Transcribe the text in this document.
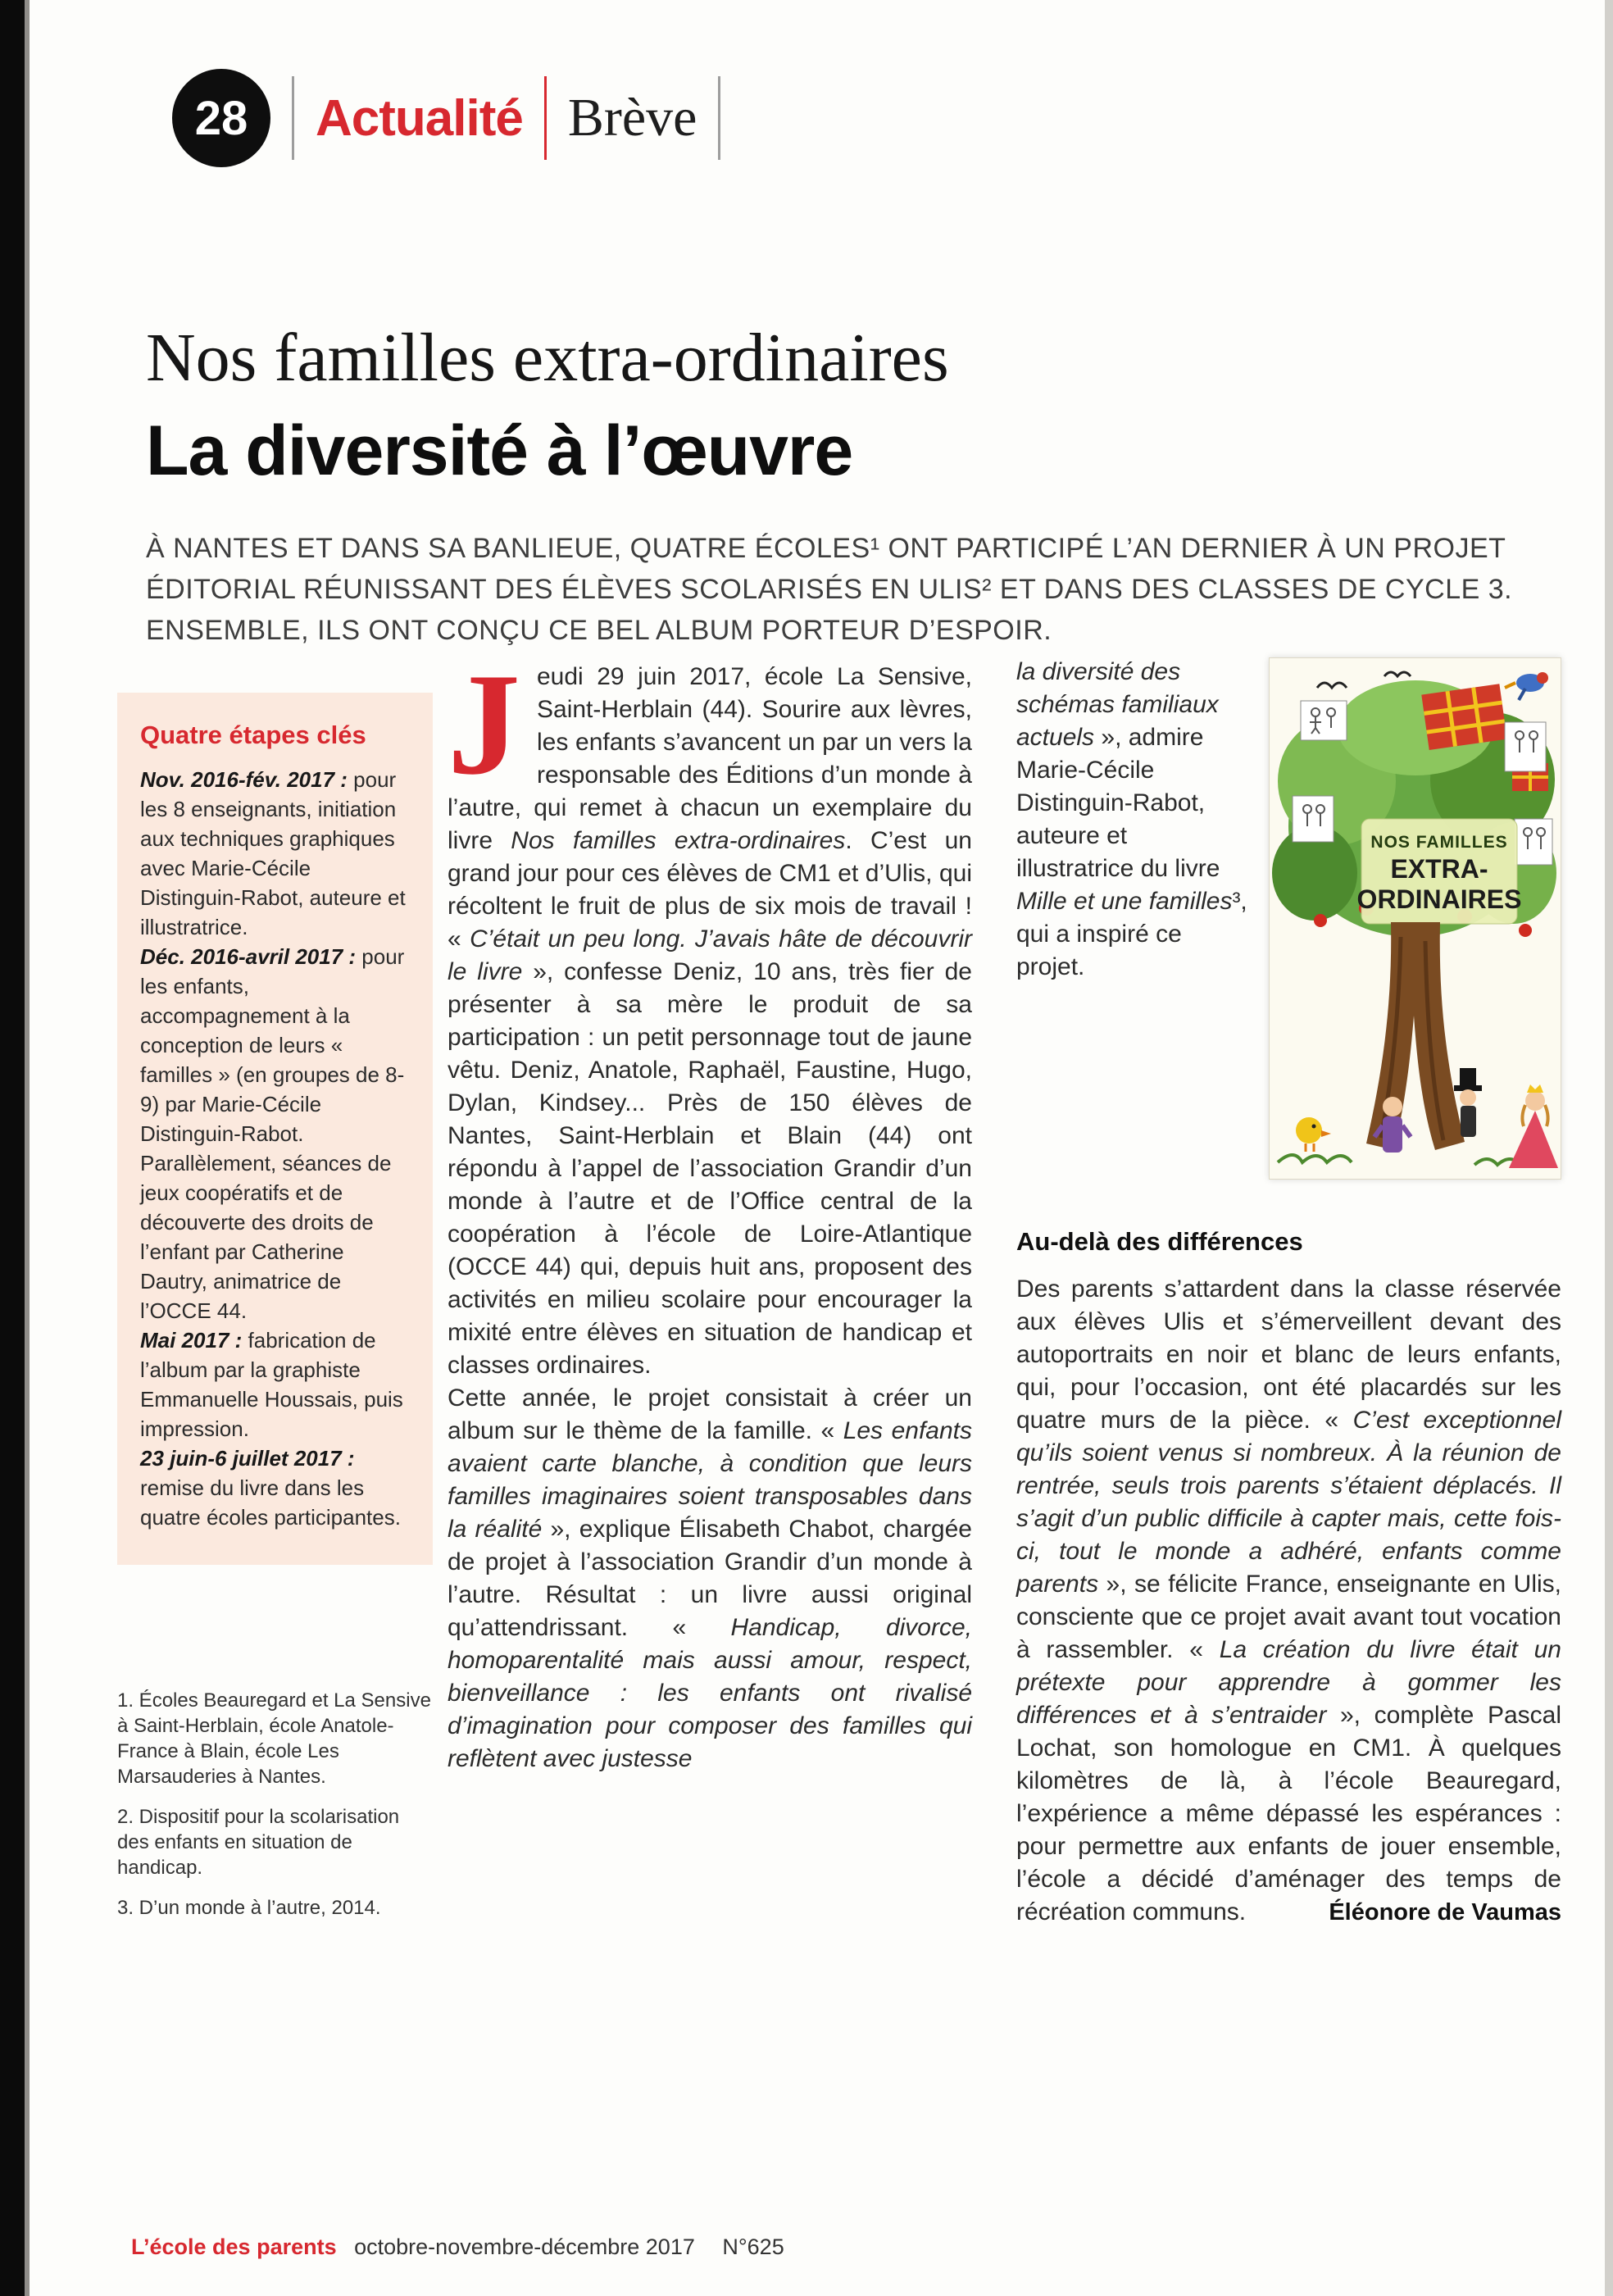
28	Actualité Brève
Nos familles extra-ordinaires
La diversité à l’œuvre

À NANTES ET DANS SA BANLIEUE, QUATRE ÉCOLES¹ ONT PARTICIPÉ L’AN DERNIER À UN PROJET ÉDITORIAL RÉUNISSANT DES ÉLÈVES SCOLARISÉS EN ULIS² ET DANS DES CLASSES DE CYCLE 3. ENSEMBLE, ILS ONT CONÇU CE BEL ALBUM PORTEUR D’ESPOIR.

Quatre étapes clés

Nov. 2016-fév. 2017 : pour les 8 enseignants, initiation aux techniques graphiques avec Marie-Cécile Distinguin-Rabot, auteure et illustratrice.

Déc. 2016-avril 2017 : pour les enfants, accompagnement à la conception de leurs « familles » (en groupes de 8-9) par Marie-Cécile Distinguin-Rabot. Parallèlement, séances de jeux coopératifs et de découverte des droits de l’enfant par Catherine Dautry, animatrice de l’OCCE 44.

Mai 2017 : fabrication de l’album par la graphiste Emmanuelle Houssais, puis impression.

23 juin-6 juillet 2017 : remise du livre dans les quatre écoles participantes.

1. Écoles Beauregard et La Sensive à Saint-Herblain, école Anatole-France à Blain, école Les Marsauderies à Nantes.

2. Dispositif pour la scolarisation des enfants en situation de handicap.

3. D’un monde à l’autre, 2014.

Jeudi 29 juin 2017, école La Sensive, Saint-Herblain (44). Sourire aux lèvres, les enfants s’avancent un par un vers la responsable des Éditions d’un monde à l’autre, qui remet à chacun un exemplaire du livre Nos familles extra-ordinaires. C’est un grand jour pour ces élèves de CM1 et d’Ulis, qui récoltent le fruit de plus de six mois de travail ! « C’était un peu long. J’avais hâte de découvrir le livre », confesse Deniz, 10 ans, très fier de présenter à sa mère le produit de sa participation : un petit personnage tout de jaune vêtu. Deniz, Anatole, Raphaël, Faustine, Hugo, Dylan, Kindsey... Près de 150 élèves de Nantes, Saint-Herblain et Blain (44) ont répondu à l’appel de l’association Grandir d’un monde à l’autre et de l’Office central de la coopération à l’école de Loire-Atlantique (OCCE 44) qui, depuis huit ans, proposent des activités en milieu scolaire pour encourager la mixité entre élèves en situation de handicap et classes ordinaires.

Cette année, le projet consistait à créer un album sur le thème de la famille. « Les enfants avaient carte blanche, à condition que leurs familles imaginaires soient transposables dans la réalité », explique Élisabeth Chabot, chargée de projet à l’association Grandir d’un monde à l’autre. Résultat : un livre aussi original qu’attendrissant. « Handicap, divorce, homoparentalité mais aussi amour, respect, bienveillance : les enfants ont rivalisé d’imagination pour composer des familles qui reflètent avec justesse

NOS FAMILLES
EXTRA-
ORDINAIRES

la diversité des schémas familiaux actuels », admire Marie-Cécile Distinguin-Rabot, auteure et illustratrice du livre Mille et une familles³, qui a inspiré ce projet.

Au-delà des différences

Des parents s’attardent dans la classe réservée aux élèves Ulis et s’émerveillent devant des autoportraits en noir et blanc de leurs enfants, qui, pour l’occasion, ont été placardés sur les quatre murs de la pièce. « C’est exceptionnel qu’ils soient venus si nombreux. À la réunion de rentrée, seuls trois parents s’étaient déplacés. Il s’agit d’un public difficile à capter mais, cette fois-ci, tout le monde a adhéré, enfants comme parents », se félicite France, enseignante en Ulis, consciente que ce projet avait avant tout vocation à rassembler. « La création du livre était un prétexte pour apprendre à gommer les différences et à s’entraider », complète Pascal Lochat, son homologue en CM1. À quelques kilomètres de là, à l’école Beauregard, l’expérience a même dépassé les espérances : pour permettre aux enfants de jouer ensemble, l’école a décidé d’aménager des temps de récréation communs.	Éléonore de Vaumas

L’école des parents octobre-novembre-décembre 2017 N°625
